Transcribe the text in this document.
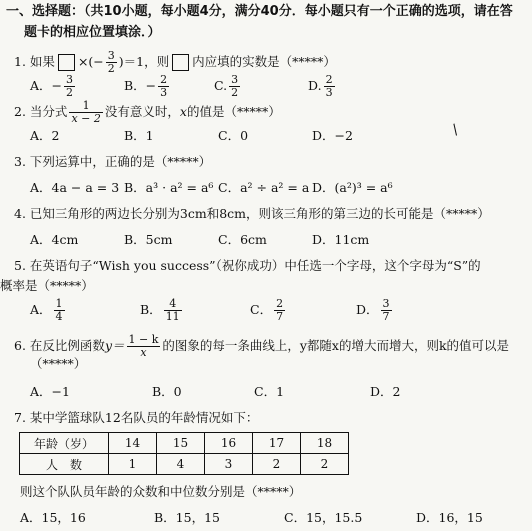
一、选择题：（共10小题，每小题4分，满分40分．每小题只有一个正确的选项，请在答
题卡的相应位置填涂．）
1. 如果 ×(− $\frac{3}{2} )=1$，则 内应填的实数是（*****）
A．− $\frac{3}{2}$	B．− $\frac{2}{3}$	C. $\frac{3}{2}$	D. $\frac{2}{3}$
2. 当分式 $\frac{1}{x - 2}$ 没有意义时，x的值是（*****）
A．2	B．1	C．0	D．−2	/
3. 下列运算中，正确的是（*****）
A．4a − a = 3 B．a³ · a² = a⁶ C．a² ÷ a² = a D．(a²)³ = a⁶
4. 已知三角形的两边长分别为3cm和8cm，则该三角形的第三边的长可能是（*****）
A．4cm	B．5cm	C．6cm	D．11cm
5. 在英语句子“Wish you success”（祝你成功）中任选一个字母，这个字母为“S”的
概率是（*****）
A． $\frac{1}{4}$	B． $\frac{4}{11}$	C． $\frac{2}{7}$	D． $\frac{3}{7}$
6. 在反比例函数$y= \frac{1 - k}{x}$ 的图象的每一条曲线上，y都随x的增大而增大，则k的值可以是
（*****）
A．−1	B．0	C．1	D．2
7. 某中学篮球队12名队员的年龄情况如下：
年龄（岁）	14	15	16	17	18
人　数	1	4	3	2	2
则这个队队员年龄的众数和中位数分别是（*****）
A．15，16	B．15，15	C．15，15.5	D．16，15
